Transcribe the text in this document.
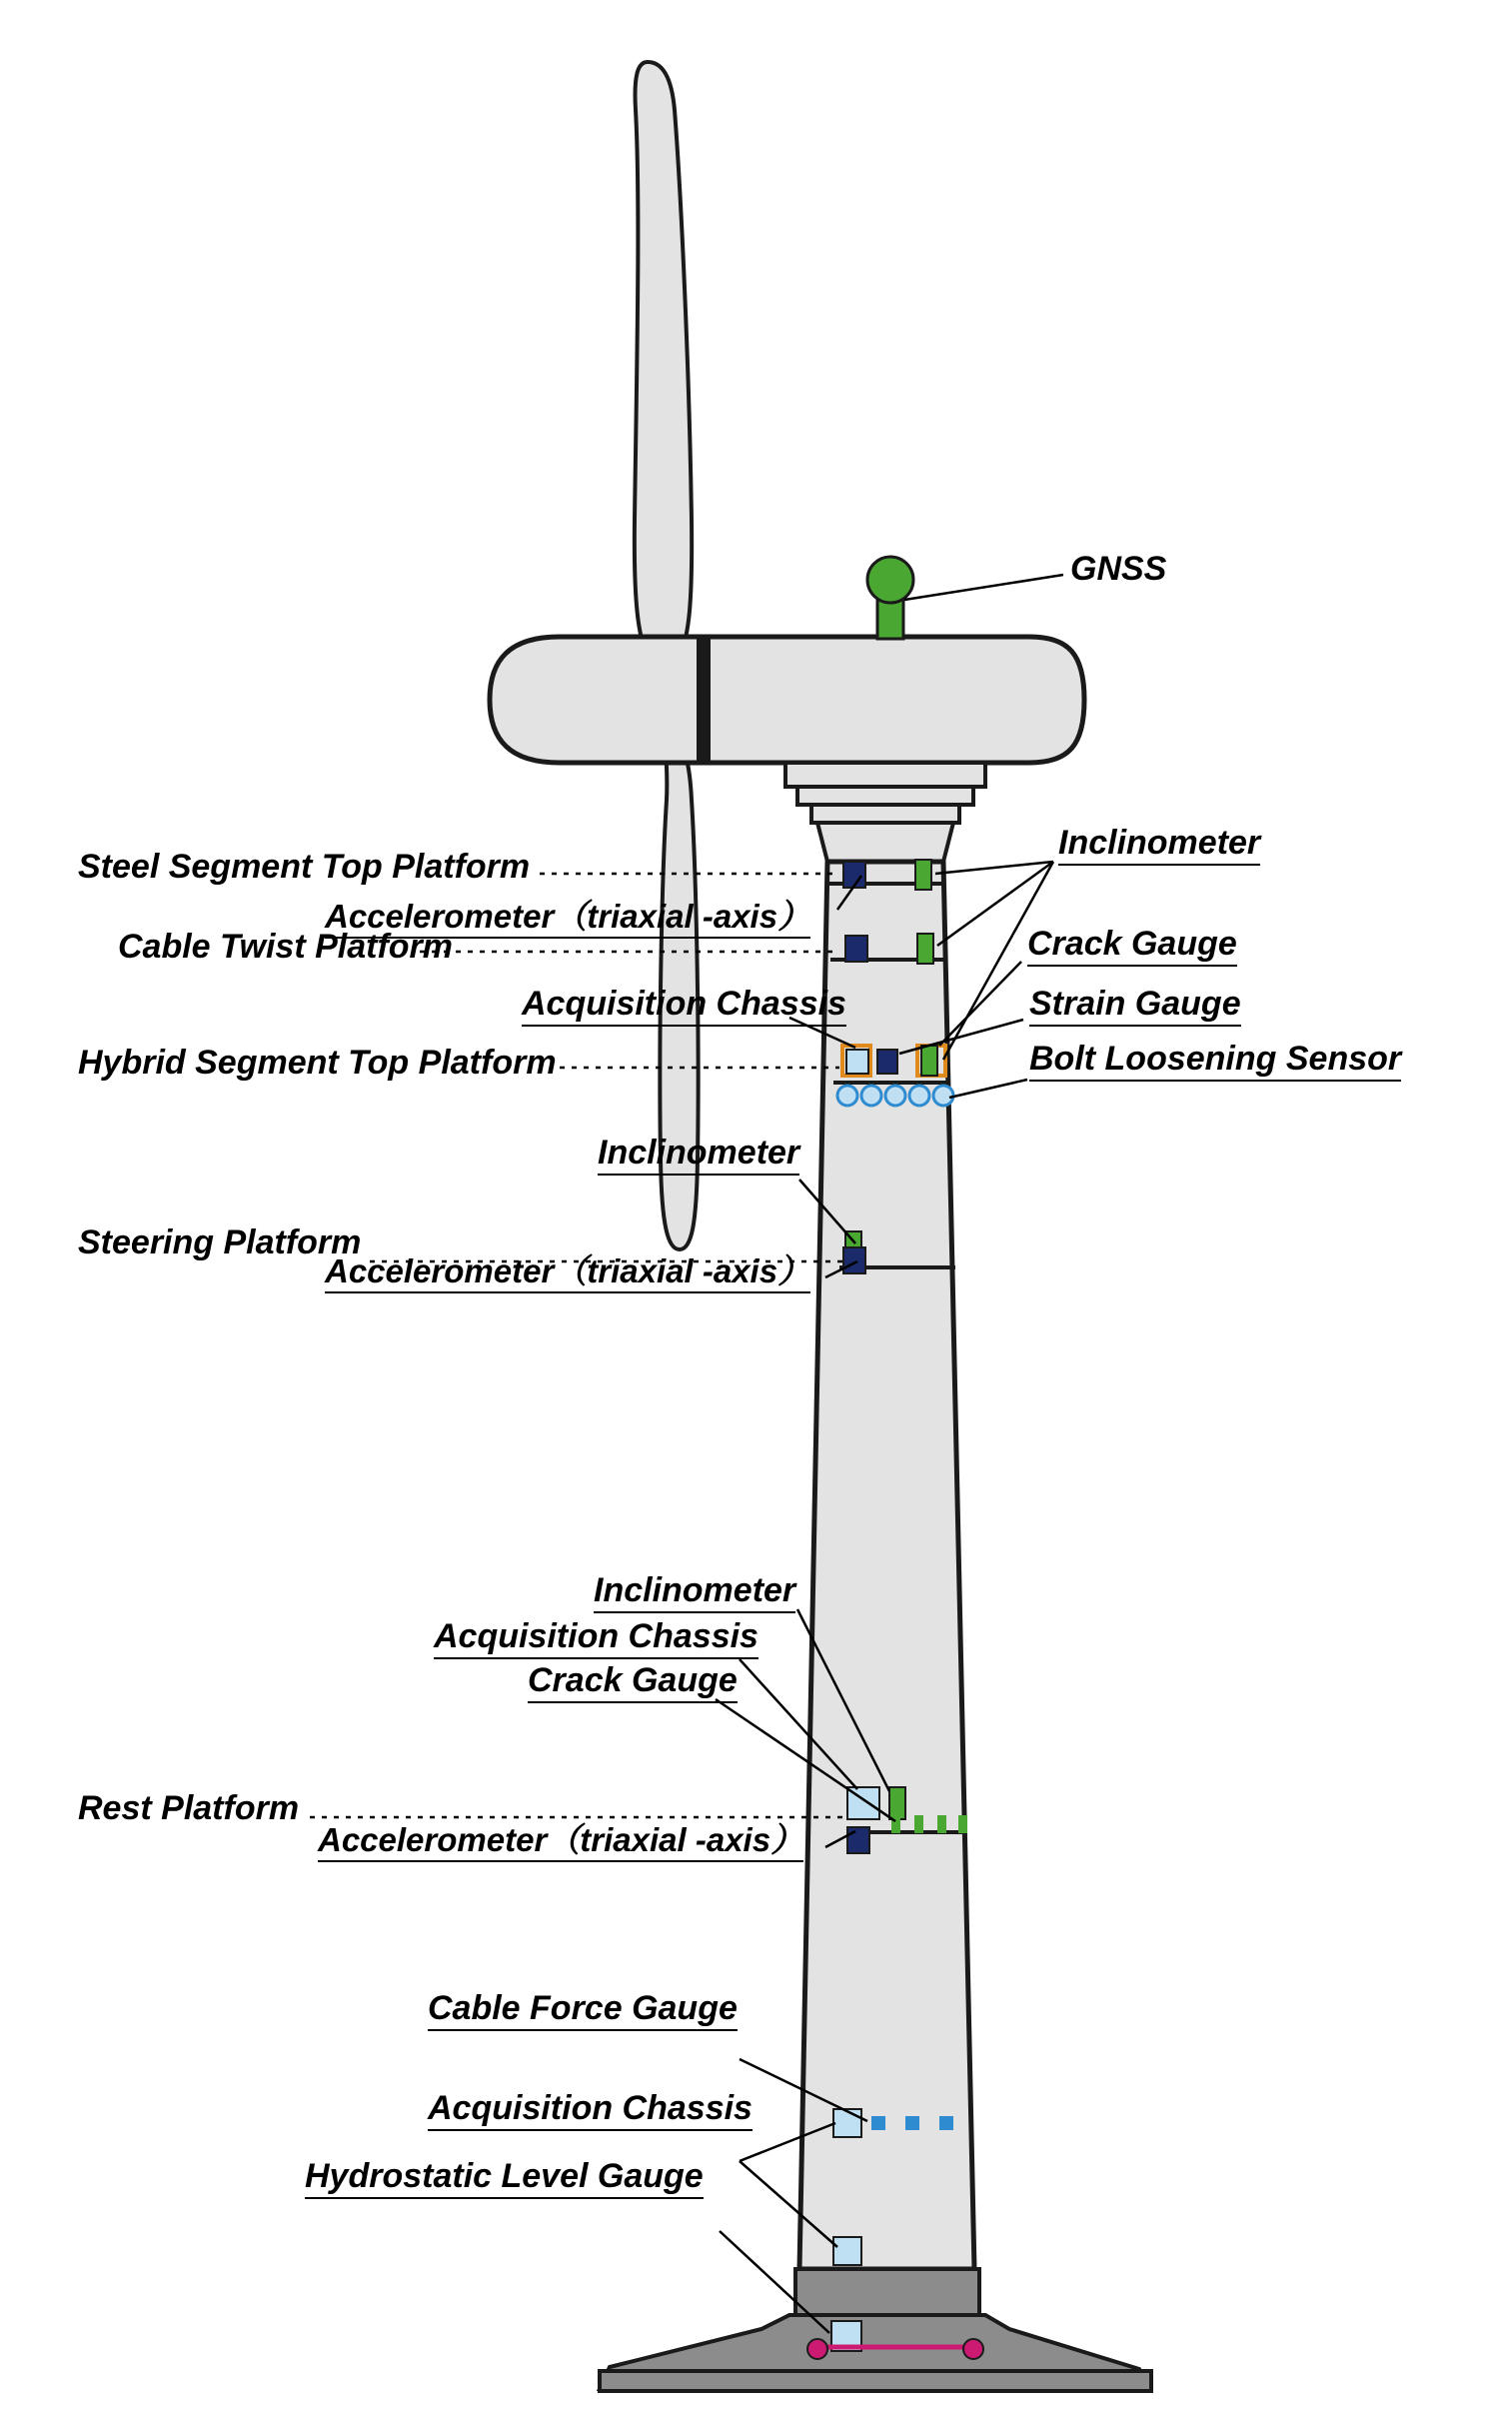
GNSS
Inclinometer
Steel Segment Top Platform
Accelerometer（triaxial -axis）
Cable Twist Platform	Crack Gauge
Acquisition Chassis	Strain Gauge
Hybrid Segment Top Platform	Bolt Loosening Sensor
Inclinometer
Steering Platform
Accelerometer（triaxial -axis）
Inclinometer
Acquisition Chassis
Crack Gauge
Rest Platform
Accelerometer（triaxial -axis）
Cable Force Gauge
Acquisition Chassis
Hydrostatic Level Gauge
